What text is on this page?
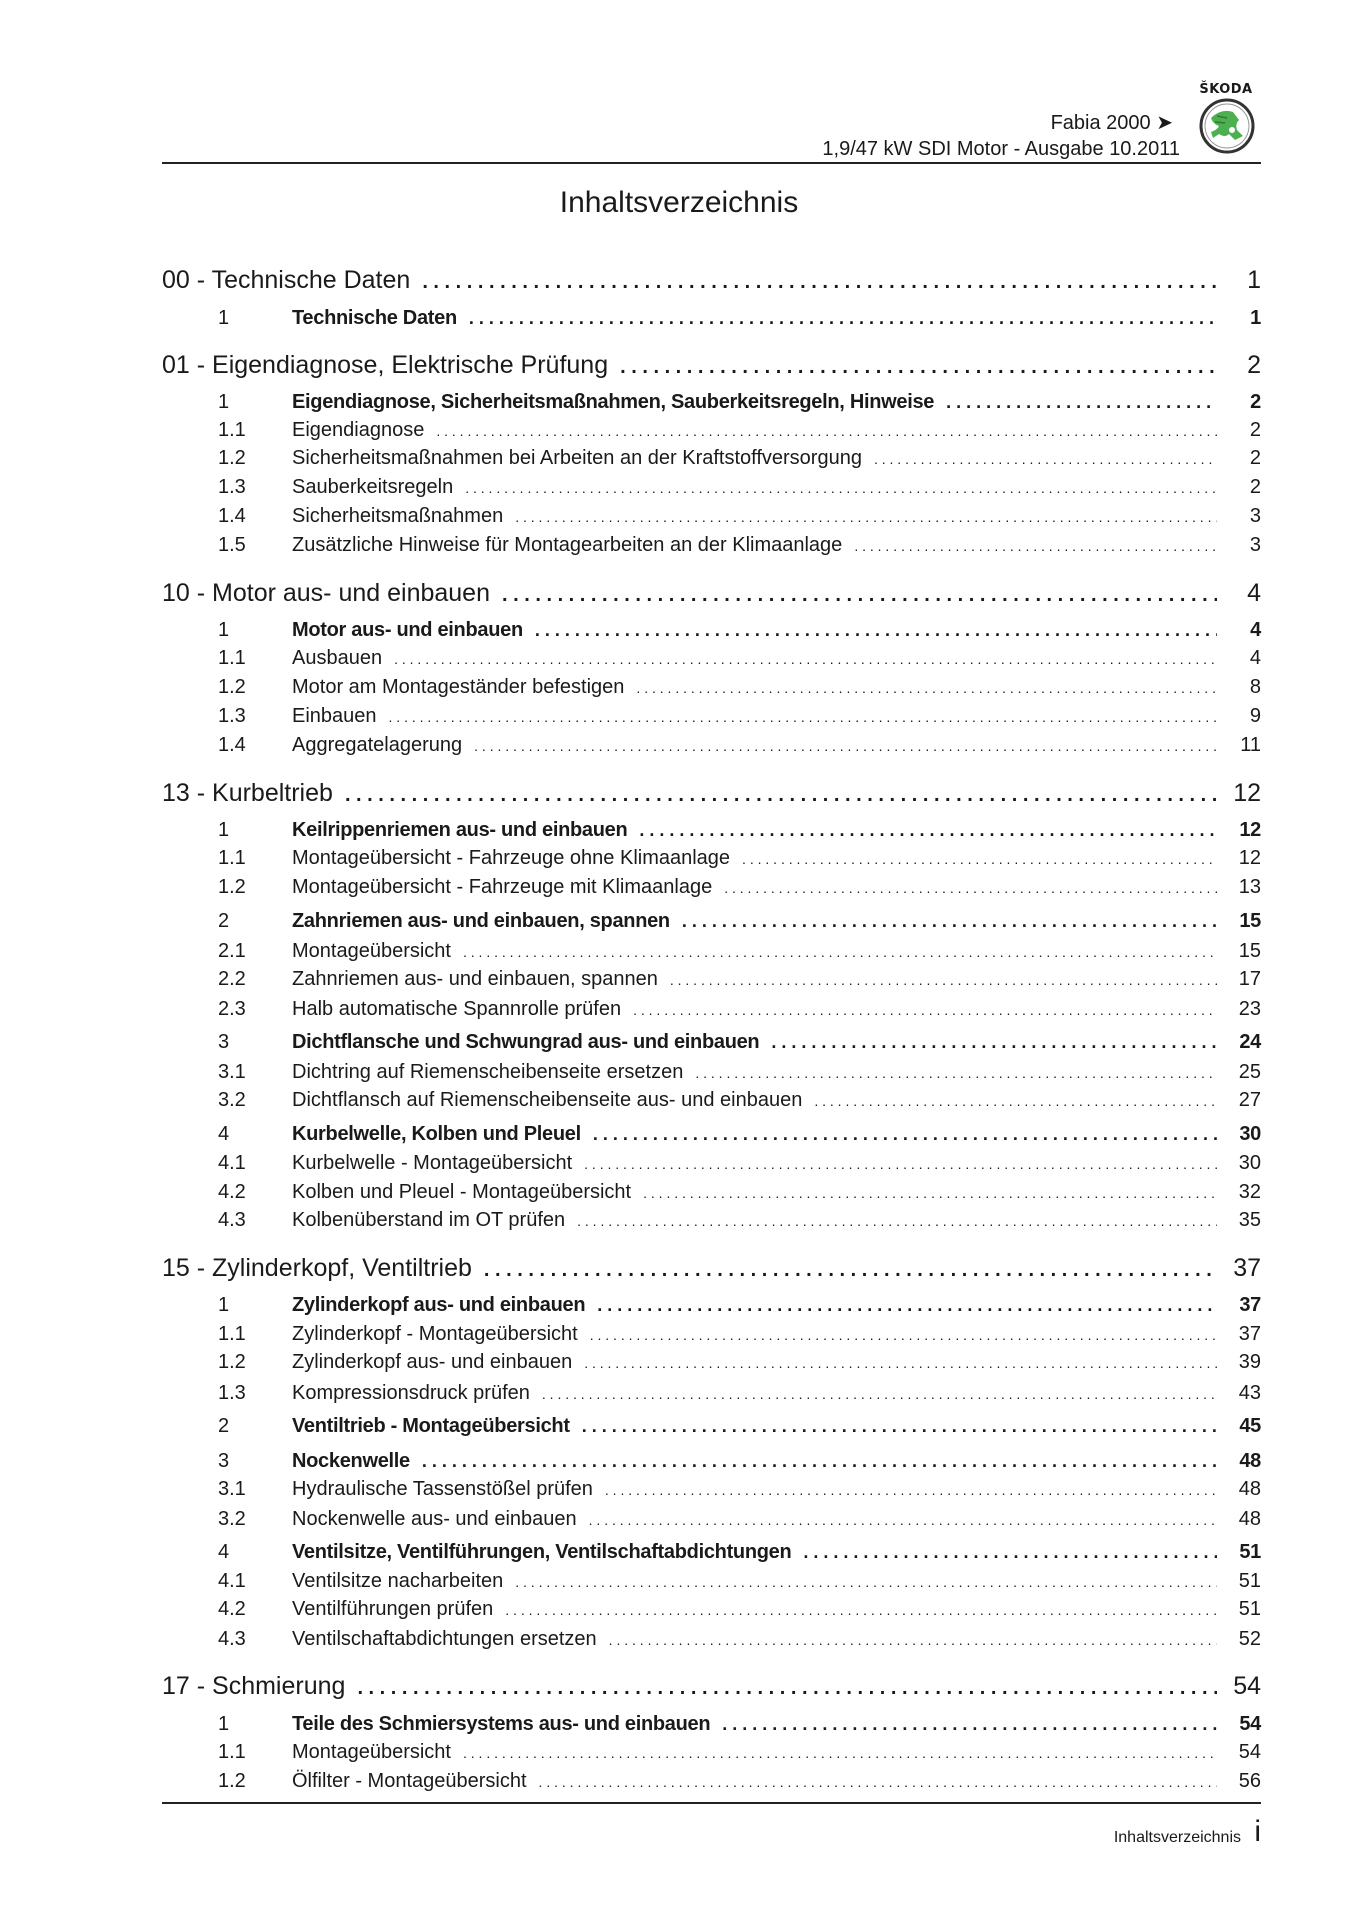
ŠKODA
Fabia 2000 ➤
1,9/47 kW SDI Motor - Ausgabe 10.2011
Inhaltsverzeichnis
00 - Technische Daten . . .	1
1	Technische Daten . . .	1
01 - Eigendiagnose, Elektrische Prüfung . . .	2
1	Eigendiagnose, Sicherheitsmaßnahmen, Sauberkeitsregeln, Hinweise . . .	2
1.1	Eigendiagnose . . .	2
1.2	Sicherheitsmaßnahmen bei Arbeiten an der Kraftstoffversorgung . . .	2
1.3	Sauberkeitsregeln . . .	2
1.4	Sicherheitsmaßnahmen . . .	3
1.5	Zusätzliche Hinweise für Montagearbeiten an der Klimaanlage . . .	3
10 - Motor aus- und einbauen . . .	4
1	Motor aus- und einbauen . . .	4
1.1	Ausbauen . . .	4
1.2	Motor am Montageständer befestigen . . .	8
1.3	Einbauen . . .	9
1.4	Aggregatelagerung . . .	11
13 - Kurbeltrieb . . .	12
1	Keilrippenriemen aus- und einbauen . . .	12
1.1	Montageübersicht - Fahrzeuge ohne Klimaanlage . . .	12
1.2	Montageübersicht - Fahrzeuge mit Klimaanlage . . .	13
2	Zahnriemen aus- und einbauen, spannen . . .	15
2.1	Montageübersicht . . .	15
2.2	Zahnriemen aus- und einbauen, spannen . . .	17
2.3	Halb automatische Spannrolle prüfen . . .	23
3	Dichtflansche und Schwungrad aus- und einbauen . . .	24
3.1	Dichtring auf Riemenscheibenseite ersetzen . . .	25
3.2	Dichtflansch auf Riemenscheibenseite aus- und einbauen . . .	27
4	Kurbelwelle, Kolben und Pleuel . . .	30
4.1	Kurbelwelle - Montageübersicht . . .	30
4.2	Kolben und Pleuel - Montageübersicht . . .	32
4.3	Kolbenüberstand im OT prüfen . . .	35
15 - Zylinderkopf, Ventiltrieb . . .	37
1	Zylinderkopf aus- und einbauen . . .	37
1.1	Zylinderkopf - Montageübersicht . . .	37
1.2	Zylinderkopf aus- und einbauen . . .	39
1.3	Kompressionsdruck prüfen . . .	43
2	Ventiltrieb - Montageübersicht . . .	45
3	Nockenwelle . . .	48
3.1	Hydraulische Tassenstößel prüfen . . .	48
3.2	Nockenwelle aus- und einbauen . . .	48
4	Ventilsitze, Ventilführungen, Ventilschaftabdichtungen . . .	51
4.1	Ventilsitze nacharbeiten . . .	51
4.2	Ventilführungen prüfen . . .	51
4.3	Ventilschaftabdichtungen ersetzen . . .	52
17 - Schmierung . . .	54
1	Teile des Schmiersystems aus- und einbauen . . .	54
1.1	Montageübersicht . . .	54
1.2	Ölfilter - Montageübersicht . . .	56
Inhaltsverzeichnis i
